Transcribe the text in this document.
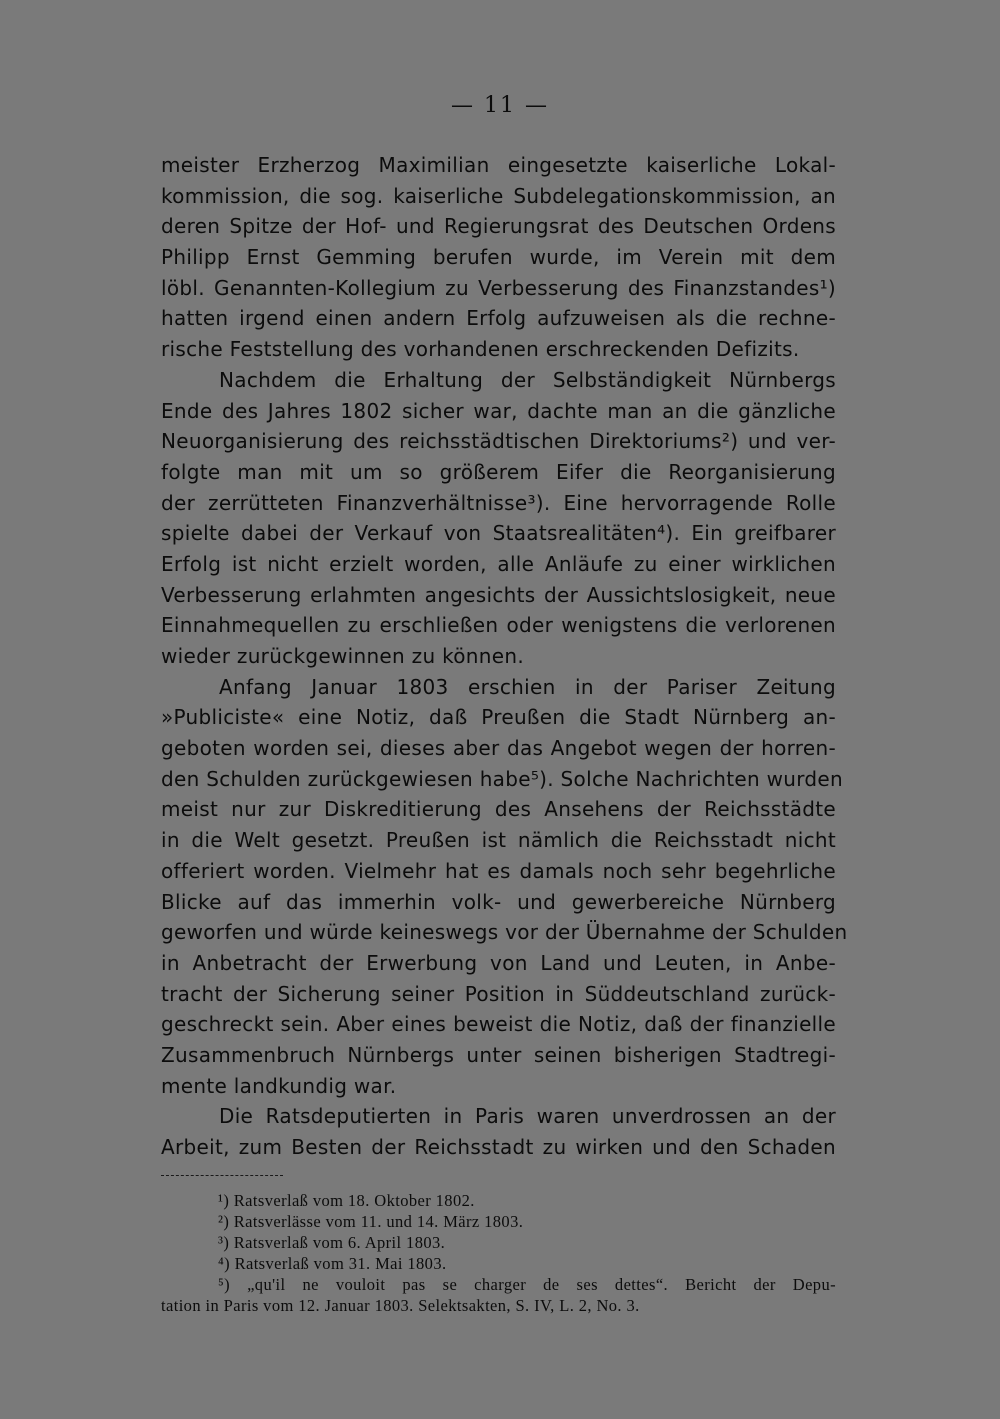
— 11 —
meister Erzherzog Maximilian eingesetzte kaiserliche Lokal-
kommission, die sog. kaiserliche Subdelegationskommission, an
deren Spitze der Hof- und Regierungsrat des Deutschen Ordens
Philipp Ernst Gemming berufen wurde, im Verein mit dem
löbl. Genannten-Kollegium zu Verbesserung des Finanzstandes¹)
hatten irgend einen andern Erfolg aufzuweisen als die rechne-
rische Feststellung des vorhandenen erschreckenden Defizits.
Nachdem die Erhaltung der Selbständigkeit Nürnbergs
Ende des Jahres 1802 sicher war, dachte man an die gänzliche
Neuorganisierung des reichsstädtischen Direktoriums²) und ver-
folgte man mit um so größerem Eifer die Reorganisierung
der zerrütteten Finanzverhältnisse³). Eine hervorragende Rolle
spielte dabei der Verkauf von Staatsrealitäten⁴). Ein greifbarer
Erfolg ist nicht erzielt worden, alle Anläufe zu einer wirklichen
Verbesserung erlahmten angesichts der Aussichtslosigkeit, neue
Einnahmequellen zu erschließen oder wenigstens die verlorenen
wieder zurückgewinnen zu können.
Anfang Januar 1803 erschien in der Pariser Zeitung
»Publiciste« eine Notiz, daß Preußen die Stadt Nürnberg an-
geboten worden sei, dieses aber das Angebot wegen der horren-
den Schulden zurückgewiesen habe⁵). Solche Nachrichten wurden
meist nur zur Diskreditierung des Ansehens der Reichsstädte
in die Welt gesetzt. Preußen ist nämlich die Reichsstadt nicht
offeriert worden. Vielmehr hat es damals noch sehr begehrliche
Blicke auf das immerhin volk- und gewerbereiche Nürnberg
geworfen und würde keineswegs vor der Übernahme der Schulden
in Anbetracht der Erwerbung von Land und Leuten, in Anbe-
tracht der Sicherung seiner Position in Süddeutschland zurück-
geschreckt sein. Aber eines beweist die Notiz, daß der finanzielle
Zusammenbruch Nürnbergs unter seinen bisherigen Stadtregi-
mente landkundig war.
Die Ratsdeputierten in Paris waren unverdrossen an der
Arbeit, zum Besten der Reichsstadt zu wirken und den Schaden
¹) Ratsverlaß vom 18. Oktober 1802.
²) Ratsverlässe vom 11. und 14. März 1803.
³) Ratsverlaß vom 6. April 1803.
⁴) Ratsverlaß vom 31. Mai 1803.
⁵) „qu'il ne vouloit pas se charger de ses dettes“. Bericht der Depu-
tation in Paris vom 12. Januar 1803. Selektsakten, S. IV, L. 2, No. 3.
